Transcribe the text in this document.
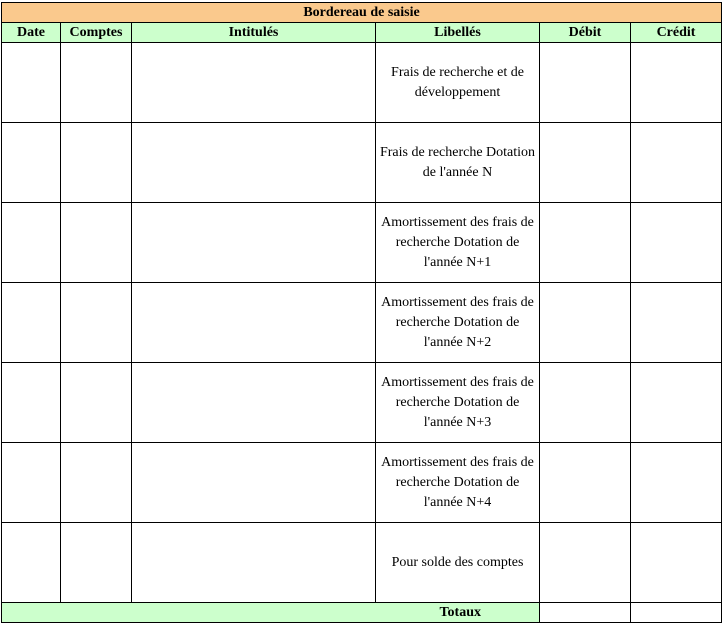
Bordereau de saisie					
Date	Comptes	Intitulés	Libellés	Débit	Crédit
			Frais de recherche et de développement		
			Frais de recherche Dotation de l'année N		
			Amortissement des frais de recherche Dotation de l'année N+1		
			Amortissement des frais de recherche Dotation de l'année N+2		
			Amortissement des frais de recherche Dotation de l'année N+3		
			Amortissement des frais de recherche Dotation de l'année N+4		
			Pour solde des comptes		
Totaux					
